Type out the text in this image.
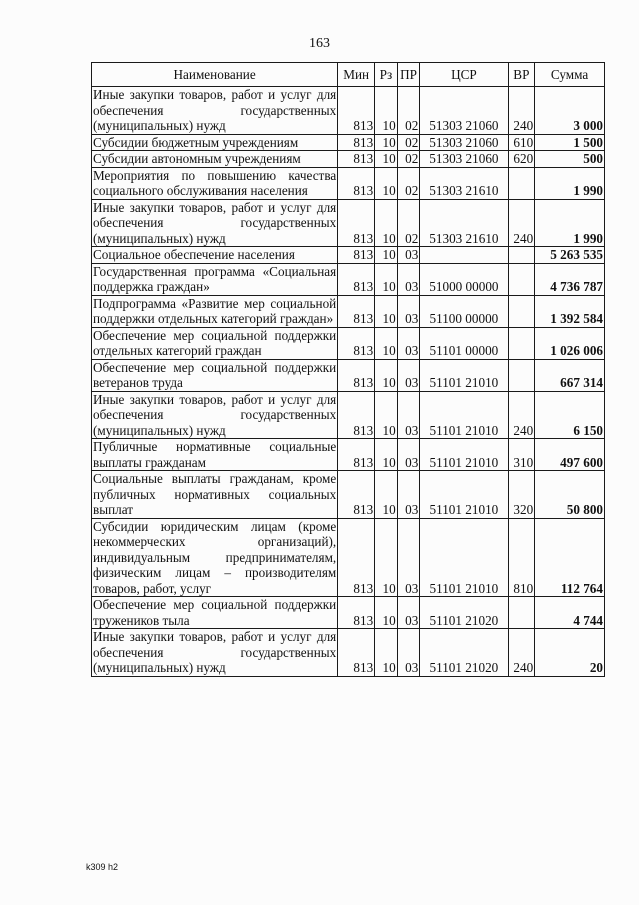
163
Наименование	Мин	Рз	ПР	ЦСР	ВР	Сумма
Иные закупки товаров, работ и услуг для обеспечения государственных (муниципальных) нужд	813	10	02	51303 21060	240	3 000
Субсидии бюджетным учреждениям	813	10	02	51303 21060	610	1 500
Субсидии автономным учреждениям	813	10	02	51303 21060	620	500
Мероприятия по повышению качества социального обслуживания населения	813	10	02	51303 21610		1 990
Иные закупки товаров, работ и услуг для обеспечения государственных (муниципальных) нужд	813	10	02	51303 21610	240	1 990
Социальное обеспечение населения	813	10	03			5 263 535
Государственная программа «Социальная поддержка граждан»	813	10	03	51000 00000		4 736 787
Подпрограмма «Развитие мер социальной поддержки отдельных категорий граждан»	813	10	03	51100 00000		1 392 584
Обеспечение мер социальной поддержки отдельных категорий граждан	813	10	03	51101 00000		1 026 006
Обеспечение мер социальной поддержки ветеранов труда	813	10	03	51101 21010		667 314
Иные закупки товаров, работ и услуг для обеспечения государственных (муниципальных) нужд	813	10	03	51101 21010	240	6 150
Публичные нормативные социальные выплаты гражданам	813	10	03	51101 21010	310	497 600
Социальные выплаты гражданам, кроме публичных нормативных социальных выплат	813	10	03	51101 21010	320	50 800
Субсидии юридическим лицам (кроме некоммерческих организаций), индивидуальным предпринимателям, физическим лицам – производителям товаров, работ, услуг	813	10	03	51101 21010	810	112 764
Обеспечение мер социальной поддержки тружеников тыла	813	10	03	51101 21020		4 744
Иные закупки товаров, работ и услуг для обеспечения государственных (муниципальных) нужд	813	10	03	51101 21020	240	20
k309 h2
